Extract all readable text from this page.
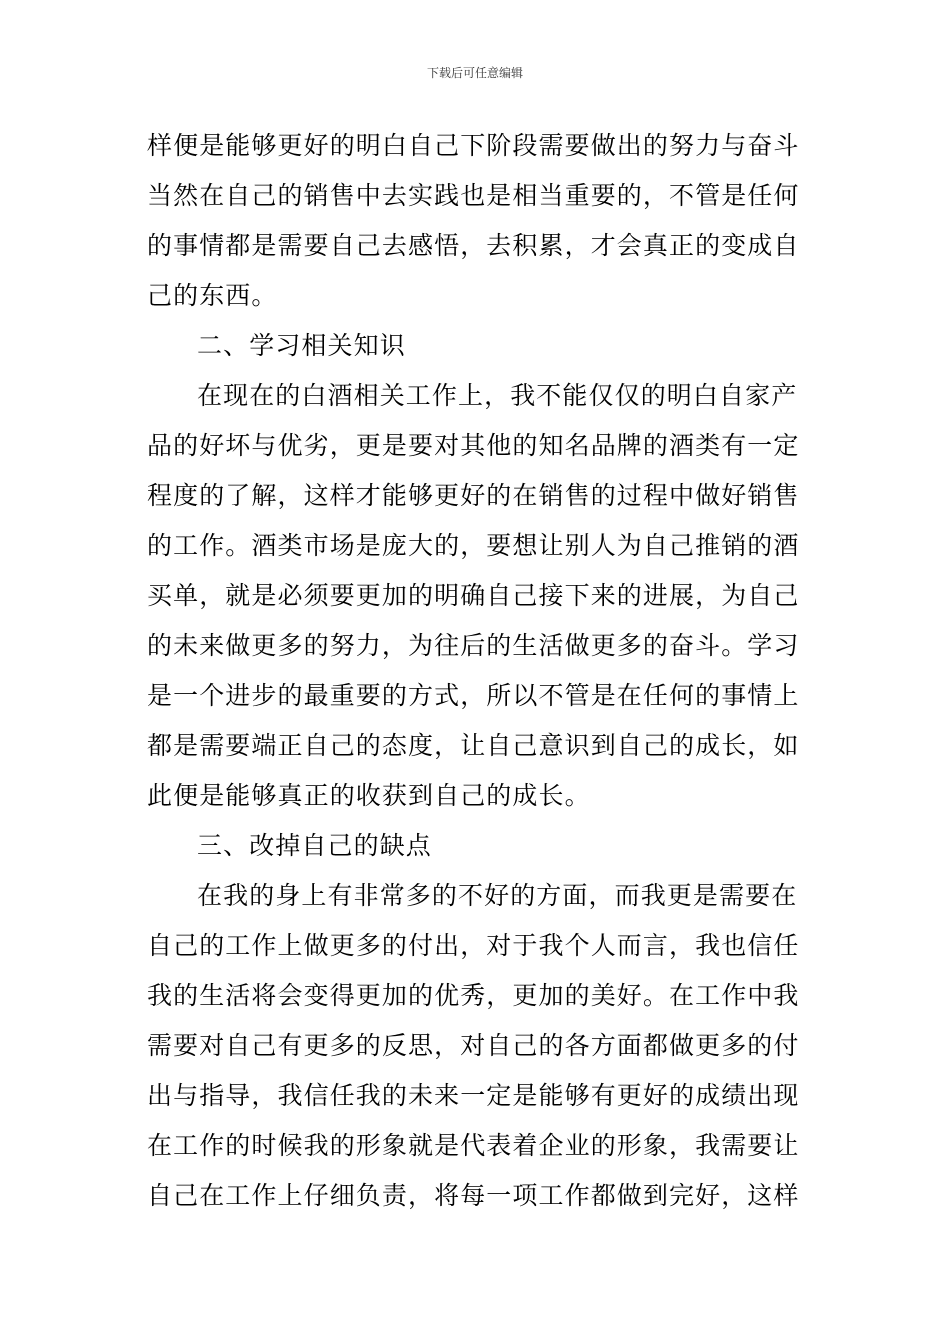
下载后可任意编辑
样便是能够更好的明白自己下阶段需要做出的努力与奋斗
当然在自己的销售中去实践也是相当重要的，不管是任何
的事情都是需要自己去感悟，去积累，才会真正的变成自
己的东西。
二、学习相关知识
在现在的白酒相关工作上，我不能仅仅的明白自家产
品的好坏与优劣，更是要对其他的知名品牌的酒类有一定
程度的了解，这样才能够更好的在销售的过程中做好销售
的工作。酒类市场是庞大的，要想让别人为自己推销的酒
买单，就是必须要更加的明确自己接下来的进展，为自己
的未来做更多的努力，为往后的生活做更多的奋斗。学习
是一个进步的最重要的方式，所以不管是在任何的事情上
都是需要端正自己的态度，让自己意识到自己的成长，如
此便是能够真正的收获到自己的成长。
三、改掉自己的缺点
在我的身上有非常多的不好的方面，而我更是需要在
自己的工作上做更多的付出，对于我个人而言，我也信任
我的生活将会变得更加的优秀，更加的美好。在工作中我
需要对自己有更多的反思，对自己的各方面都做更多的付
出与指导，我信任我的未来一定是能够有更好的成绩出现
在工作的时候我的形象就是代表着企业的形象，我需要让
自己在工作上仔细负责，将每一项工作都做到完好，这样
